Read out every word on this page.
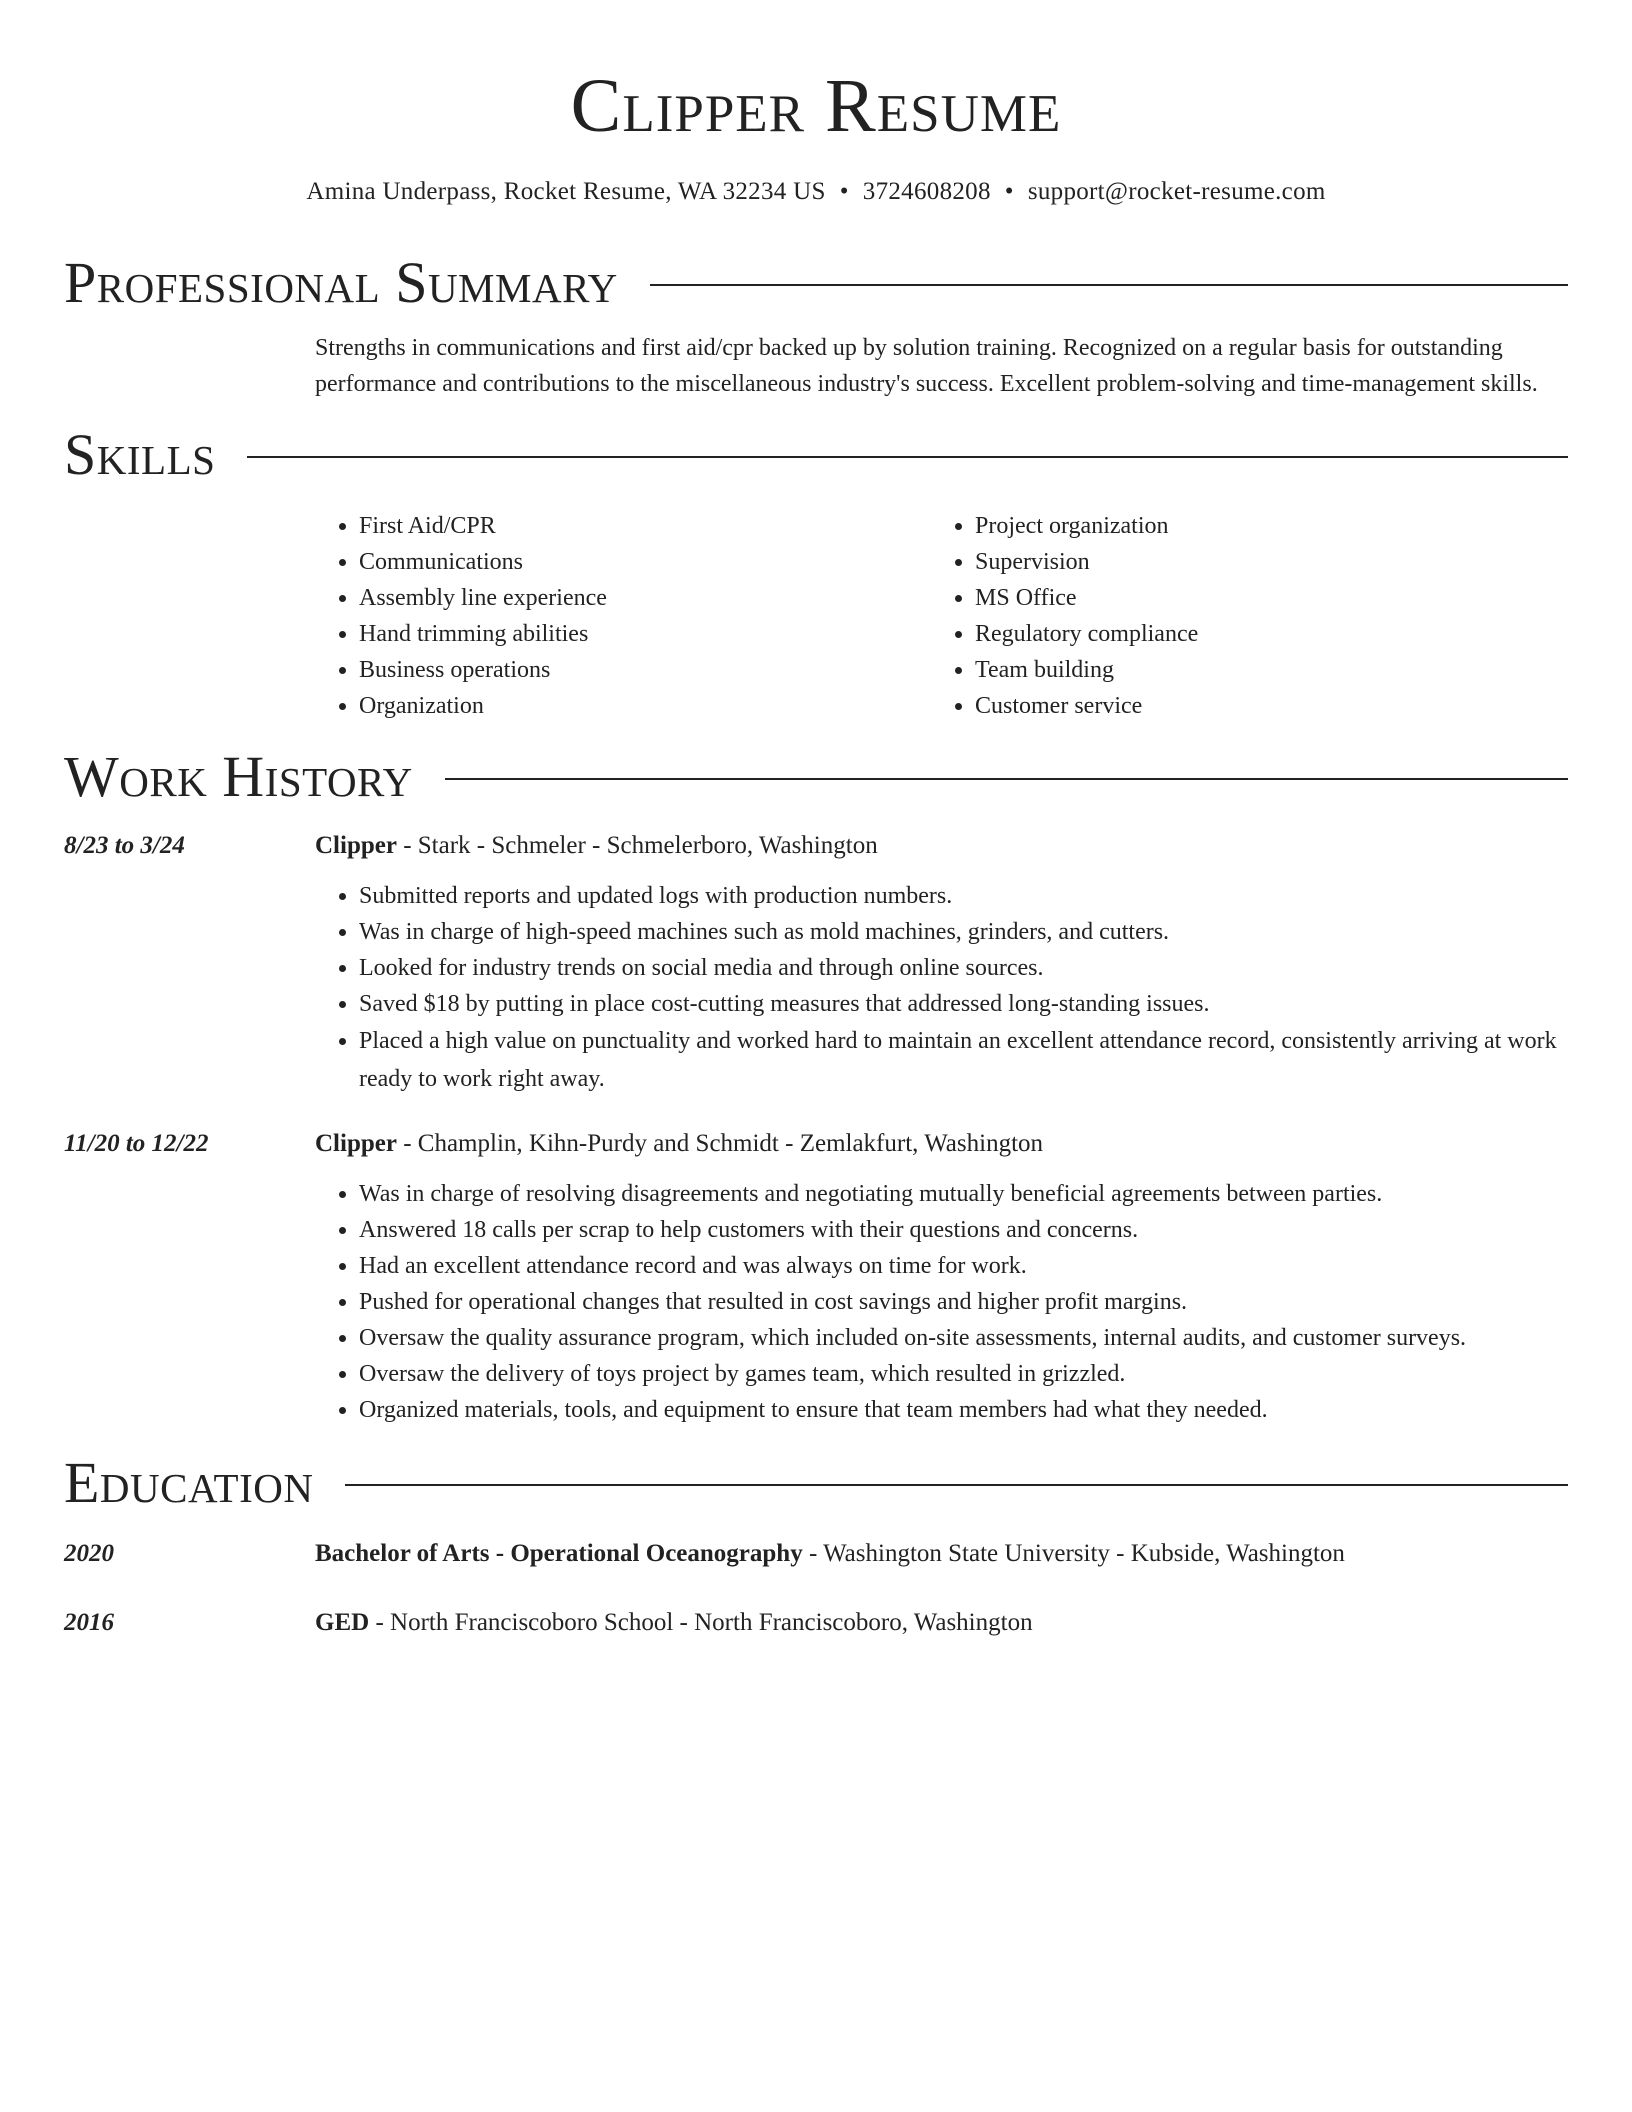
Clipper Resume
Amina Underpass, Rocket Resume, WA 32234 US • 3724608208 • support@rocket-resume.com
Professional Summary
Strengths in communications and first aid/cpr backed up by solution training. Recognized on a regular basis for outstanding performance and contributions to the miscellaneous industry's success. Excellent problem-solving and time-management skills.
Skills
• First Aid/CPR
• Communications
• Assembly line experience
• Hand trimming abilities
• Business operations
• Organization
• Project organization
• Supervision
• MS Office
• Regulatory compliance
• Team building
• Customer service
Work History
8/23 to 3/24	Clipper - Stark - Schmeler - Schmelerboro, Washington
• Submitted reports and updated logs with production numbers.
• Was in charge of high-speed machines such as mold machines, grinders, and cutters.
• Looked for industry trends on social media and through online sources.
• Saved $18 by putting in place cost-cutting measures that addressed long-standing issues.
• Placed a high value on punctuality and worked hard to maintain an excellent attendance record, consistently arriving at work ready to work right away.
11/20 to 12/22	Clipper - Champlin, Kihn-Purdy and Schmidt - Zemlakfurt, Washington
• Was in charge of resolving disagreements and negotiating mutually beneficial agreements between parties.
• Answered 18 calls per scrap to help customers with their questions and concerns.
• Had an excellent attendance record and was always on time for work.
• Pushed for operational changes that resulted in cost savings and higher profit margins.
• Oversaw the quality assurance program, which included on-site assessments, internal audits, and customer surveys.
• Oversaw the delivery of toys project by games team, which resulted in grizzled.
• Organized materials, tools, and equipment to ensure that team members had what they needed.
Education
2020	Bachelor of Arts - Operational Oceanography - Washington State University - Kubside, Washington
2016	GED - North Franciscoboro School - North Franciscoboro, Washington
